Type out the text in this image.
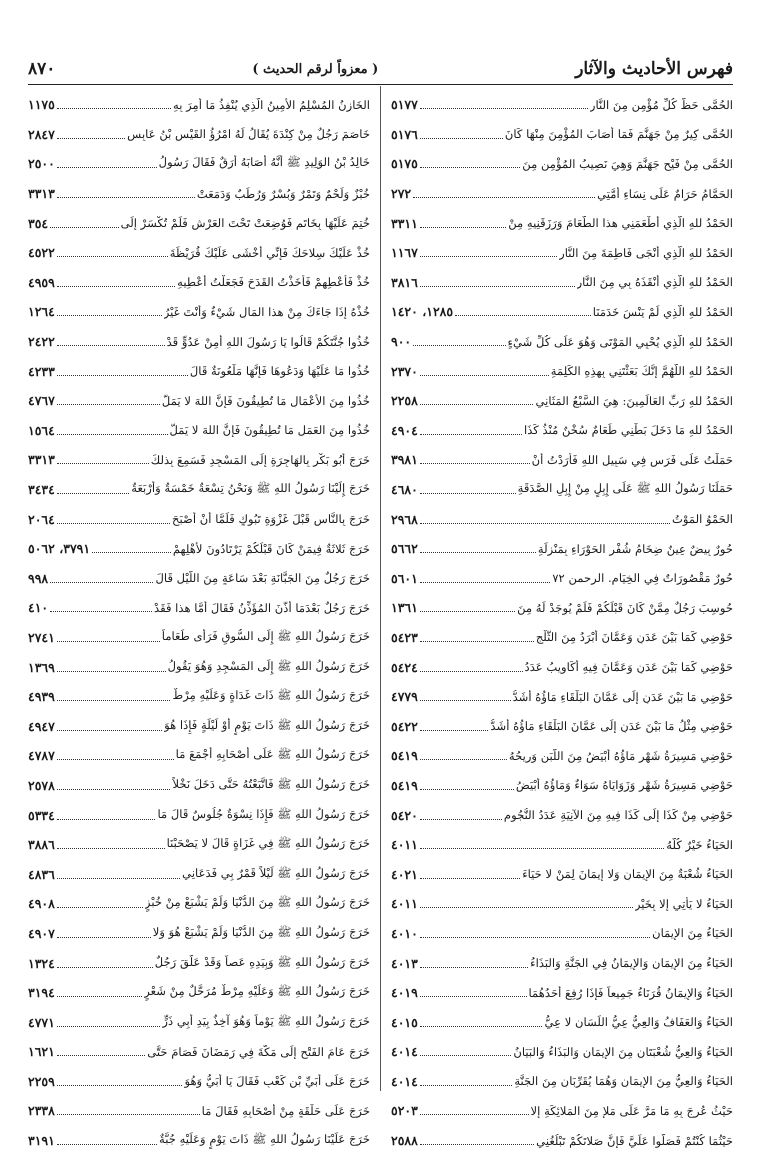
فهرس الأحاديث والآثار
( معزواً لرقم الحديث )
٨٧٠
الحُمَّى حَظُّ كُلِّ مُؤْمِنٍ مِنَ النَّارِ
٥١٧٧
الحُمَّى كِيرٌ مِنْ جَهَنَّمَ فَمَا أَصَابَ المُؤْمِنَ مِنْهَا كَانَ
٥١٧٦
الحُمَّى مِنْ فَيْحِ جَهَنَّمَ وَهِيَ نَصِيبُ المُؤْمِنِ مِنَ
٥١٧٥
الحَمَّامُ حَرَامٌ عَلَى نِسَاءِ أُمَّتِي
٢٧٢
الحَمْدُ للهِ الَّذِي أَطْعَمَنِي هذا الطَّعَامَ وَرَزَقَنِيهِ مِنْ
٣٣١١
الحَمْدُ للهِ الَّذِي أَنْجَى فَاطِمَةَ مِنَ النَّارِ
١١٦٧
الحَمْدُ للهِ الَّذِي أَنْقَذَهُ بِي مِنَ النَّارِ
٣٨١٦
الحَمْدُ للهِ الَّذِي لَمْ يَنْسَ خَدَمَنَا
١٢٨٥، ١٤٢٠
الحَمْدُ للهِ الَّذِي يُحْيِي المَوْتَى وَهُوَ عَلَى كُلِّ شَيْءٍ
٩٠٠
الحَمْدُ للهِ اللَّهُمَّ إِنَّكَ بَعَثْتَنِي بِهذِهِ الكَلِمَةِ
٢٣٧٠
الحَمْدُ للهِ رَبِّ العَالَمِينَ: هِيَ السَّبْعُ المَثَانِي
٢٢٥٨
الحَمْدُ للهِ مَا دَخَلَ بَطْنِي طَعَامٌ سُخْنٌ مُنْذُ كَذَا
٤٩٠٤
حَمَلْتُ عَلَى فَرَسٍ فِي سَبِيلِ اللهِ فَأَرَدْتُ أَنْ
٣٩٨١
حَمَلَنَا رَسُولُ اللهِ ﷺ عَلَى إِبِلٍ مِنْ إِبِلِ الصَّدَقَةِ
٤٦٨٠
الحَمْوُ المَوْتُ
٢٩٦٨
حُورٌ بِيضٌ عِينٌ ضِخَامُ شُفْرِ الحَوْرَاءِ بِمَنْزِلَةِ
٥٦٦٢
حُورٌ مَقْصُورَاتٌ فِي الخِيَامِ. الرحمن ٧٢
٥٦٠١
حُوسِبَ رَجُلٌ مِمَّنْ كَانَ قَبْلَكُمْ فَلَمْ يُوجَدْ لَهُ مِنَ
١٣٦١
حَوْضِي كَمَا بَيْنَ عَدَنٍ وَعَمَّانَ أَبْرَدُ مِنَ الثَّلْجِ
٥٤٢٣
حَوْضِي كَمَا بَيْنَ عَدَنٍ وَعَمَّانَ فِيهِ أَكَاوِيبُ عَدَدُ
٥٤٢٤
حَوْضِي مَا بَيْنَ عَدَنٍ إِلَى عَمَّانَ البَلْقَاءِ مَاؤُهُ أَشَدُّ
٤٧٧٩
حَوْضِي مِثْلُ مَا بَيْنَ عَدَنٍ إِلَى عَمَّانَ البَلْقَاءِ مَاؤُهُ أَشَدُّ
٥٤٢٢
حَوْضِي مَسِيرَةُ شَهْرٍ مَاؤُهُ أَبْيَضُ مِنَ اللَّبَنِ وَرِيحُهُ
٥٤١٩
حَوْضِي مَسِيرَةُ شَهْرٍ وَزَوَايَاهُ سَوَاءٌ وَمَاؤُهُ أَبْيَضُ
٥٤١٩
حَوْضِي مِنْ كَذَا إِلَى كَذَا فِيهِ مِنَ الآنِيَةِ عَدَدُ النُّجُومِ
٥٤٢٠
الحَيَاءُ خَيْرٌ كُلُّهُ
٤٠١١
الحَيَاءُ شُعْبَةٌ مِنَ الإِيمَانِ وَلا إِيمَانَ لِمَنْ لا حَيَاءَ
٤٠٢١
الحَيَاءُ لا يَأْتِي إِلا بِخَيْرٍ
٤٠١١
الحَيَاءُ مِنَ الإِيمَانِ
٤٠١٠
الحَيَاءُ مِنَ الإِيمَانِ وَالإِيمَانُ فِي الجَنَّةِ وَالبَذَاءُ
٤٠١٣
الحَيَاءُ وَالإِيمَانُ قُرَنَاءُ جَمِيعاً فَإِذَا رُفِعَ أَحَدُهُمَا
٤٠١٩
الحَيَاءُ وَالعَفَافُ وَالعِيُّ عِيُّ اللِّسَانِ لا عِيُّ
٤٠١٥
الحَيَاءُ وَالعِيُّ شُعْبَتَانِ مِنَ الإِيمَانِ وَالبَذَاءُ وَالبَيَانُ
٤٠١٤
الحَيَاءُ وَالعِيُّ مِنَ الإِيمَانِ وَهُمَا يُقَرِّبَانِ مِنَ الجَنَّةِ
٤٠١٤
حَيْثُ عُرِجَ بِهِ مَا مَرَّ عَلَى مَلإٍ مِنَ المَلائِكَةِ إِلا
٥٢٠٣
حَيْثُمَا كُنْتُمْ فَصَلُّوا عَلَيَّ فَإِنَّ صَلاتَكُمْ تَبْلُغُنِي
٢٥٨٨
الخَازِنُ المُسْلِمُ الأَمِينُ الَّذِي يُنْفِذُ مَا أُمِرَ بِهِ
١١٧٥
خَاصَمَ رَجُلٌ مِنْ كِنْدَةَ يُقَالُ لَهُ امْرُؤُ القَيْسِ بْنُ عَابِسٍ
٢٨٤٧
خَالِدُ بْنُ الوَلِيدِ ﷺ أَنَّهُ أَصَابَهُ أَرَقٌ فَقَالَ رَسُولُ
٢٥٠٠
خُبْزٌ وَلَحْمٌ وَتَمْرٌ وَبُسْرٌ وَرُطَبٌ وَدَمَعَتْ
٣٣١٣
خُتِمَ عَلَيْهَا بِخَاتَمٍ فَوُضِعَتْ تَحْتَ العَرْشِ فَلَمْ تُكْسَرْ إِلَى
٣٥٤
خُذْ عَلَيْكَ سِلاحَكَ فَإِنِّي أَخْشَى عَلَيْكَ قُرَيْظَةَ
٤٥٢٢
خُذْ فَأَعْطِهِمْ فَأَخَذْتُ القَدَحَ فَجَعَلْتُ أُعْطِيهِ
٤٩٥٩
خُذْهُ إِذَا جَاءَكَ مِنْ هذا المَالِ شَيْءٌ وَأَنْتَ غَيْرُ
١٢٦٤
خُذُوا جُنَّتَكُمْ قَالُوا يَا رَسُولَ اللهِ أَمِنْ عَدُوٍّ قَدْ
٢٤٢٢
خُذُوا مَا عَلَيْهَا وَدَعُوهَا فَإِنَّهَا مَلْعُونَةٌ قَالَ
٤٢٣٣
خُذُوا مِنَ الأَعْمَالِ مَا تُطِيقُونَ فَإِنَّ اللهَ لا يَمَلُّ
٤٧٦٧
خُذُوا مِنَ العَمَلِ مَا تُطِيقُونَ فَإِنَّ اللهَ لا يَمَلُّ
١٥٦٤
خَرَجَ أَبُو بَكْرٍ بِالهَاجِرَةِ إِلَى المَسْجِدِ فَسَمِعَ بِذلكَ
٣٣١٣
خَرَجَ إِلَيْنَا رَسُولُ اللهِ ﷺ وَنَحْنُ تِسْعَةٌ خَمْسَةٌ وَأَرْبَعَةٌ
٣٤٣٤
خَرَجَ بِالنَّاسِ قَبْلَ غَزْوَةِ تَبُوكٍ فَلَمَّا أَنْ أَصْبَحَ
٢٠٦٤
خَرَجَ ثَلاثَةٌ فِيمَنْ كَانَ قَبْلَكُمْ يَرْتَادُونَ لأَهْلِهِمْ
٣٧٩١، ٥٠٦٢
خَرَجَ رَجُلٌ مِنَ الجَبَّانَةِ بَعْدَ سَاعَةٍ مِنَ اللَّيْلِ قَالَ
٩٩٨
خَرَجَ رَجُلٌ بَعْدَمَا أَذَّنَ المُؤَذِّنُ فَقَالَ أَمَّا هذا فَقَدْ
٤١٠
خَرَجَ رَسُولُ اللهِ ﷺ إِلَى السُّوقِ فَرَأَى طَعَاماً
٢٧٤١
خَرَجَ رَسُولُ اللهِ ﷺ إِلَى المَسْجِدِ وَهُوَ يَقُولُ
١٣٦٩
خَرَجَ رَسُولُ اللهِ ﷺ ذَاتَ غَدَاةٍ وَعَلَيْهِ مِرْطٌ
٤٩٣٩
خَرَجَ رَسُولُ اللهِ ﷺ ذَاتَ يَوْمٍ أَوْ لَيْلَةٍ فَإِذَا هُوَ
٤٩٤٧
خَرَجَ رَسُولُ اللهِ ﷺ عَلَى أَصْحَابِهِ أَجْمَعَ مَا
٤٧٨٧
خَرَجَ رَسُولُ اللهِ ﷺ فَاتَّبَعْتُهُ حَتَّى دَخَلَ نَخْلاً
٢٥٧٨
خَرَجَ رَسُولُ اللهِ ﷺ فَإِذَا نِسْوَةٌ جُلُوسٌ قَالَ مَا
٥٣٣٤
خَرَجَ رَسُولُ اللهِ ﷺ فِي غَزَاةٍ قَالَ لا يَصْحَبْنَا
٣٨٨٦
خَرَجَ رَسُولُ اللهِ ﷺ لَيْلاً قَمْرٌ بِي فَدَعَانِي
٤٨٣٦
خَرَجَ رَسُولُ اللهِ ﷺ مِنَ الدُّنْيَا وَلَمْ يَشْبَعْ مِنْ خُبْزٍ
٤٩٠٨
خَرَجَ رَسُولُ اللهِ ﷺ مِنَ الدُّنْيَا وَلَمْ يَشْبَعْ هُوَ وَلا
٤٩٠٧
خَرَجَ رَسُولُ اللهِ ﷺ وَبِيَدِهِ عَصاً وَقَدْ عَلَّقَ رَجُلٌ
١٣٢٤
خَرَجَ رَسُولُ اللهِ ﷺ وَعَلَيْهِ مِرْطٌ مُرَحَّلٌ مِنْ شَعْرٍ
٣١٩٤
خَرَجَ رَسُولُ اللهِ ﷺ يَوْماً وَهُوَ آخِذٌ بِيَدِ أَبِي ذَرٍّ
٤٧٧١
خَرَجَ عَامَ الفَتْحِ إِلَى مَكَّةَ فِي رَمَضَانَ فَصَامَ حَتَّى
١٦٢١
خَرَجَ عَلَى أُبَيِّ بْنِ كَعْبٍ فَقَالَ يَا أُبَيُّ وَهُوَ
٢٢٥٩
خَرَجَ عَلَى حَلْقَةٍ مِنْ أَصْحَابِهِ فَقَالَ مَا
٢٣٣٨
خَرَجَ عَلَيْنَا رَسُولُ اللهِ ﷺ ذَاتَ يَوْمٍ وَعَلَيْهِ جُبَّةٌ
٣١٩١
